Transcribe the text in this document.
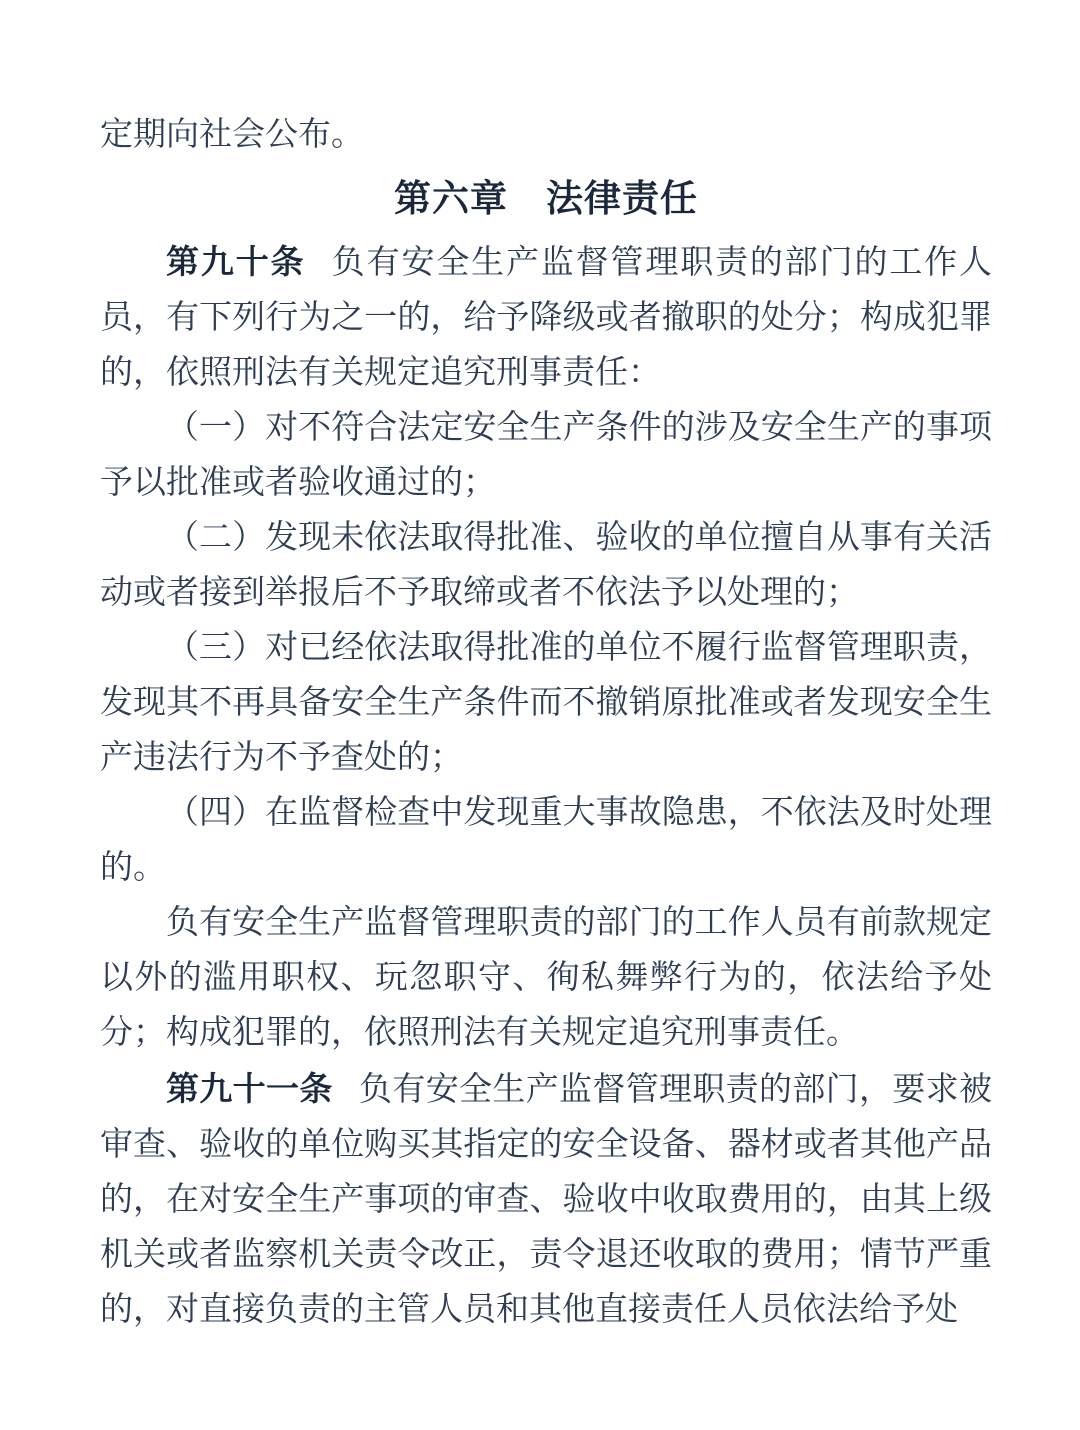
定期向社会公布。

第六章　法律责任

第九十条 负有安全生产监督管理职责的部门的工作人员，有下列行为之一的，给予降级或者撤职的处分；构成犯罪的，依照刑法有关规定追究刑事责任：

（一）对不符合法定安全生产条件的涉及安全生产的事项予以批准或者验收通过的；

（二）发现未依法取得批准、验收的单位擅自从事有关活动或者接到举报后不予取缔或者不依法予以处理的；

（三）对已经依法取得批准的单位不履行监督管理职责，发现其不再具备安全生产条件而不撤销原批准或者发现安全生产违法行为不予查处的；

（四）在监督检查中发现重大事故隐患，不依法及时处理的。

负有安全生产监督管理职责的部门的工作人员有前款规定以外的滥用职权、玩忽职守、徇私舞弊行为的，依法给予处分；构成犯罪的，依照刑法有关规定追究刑事责任。

第九十一条 负有安全生产监督管理职责的部门，要求被审查、验收的单位购买其指定的安全设备、器材或者其他产品的，在对安全生产事项的审查、验收中收取费用的，由其上级机关或者监察机关责令改正，责令退还收取的费用；情节严重的，对直接负责的主管人员和其他直接责任人员依法给予处
